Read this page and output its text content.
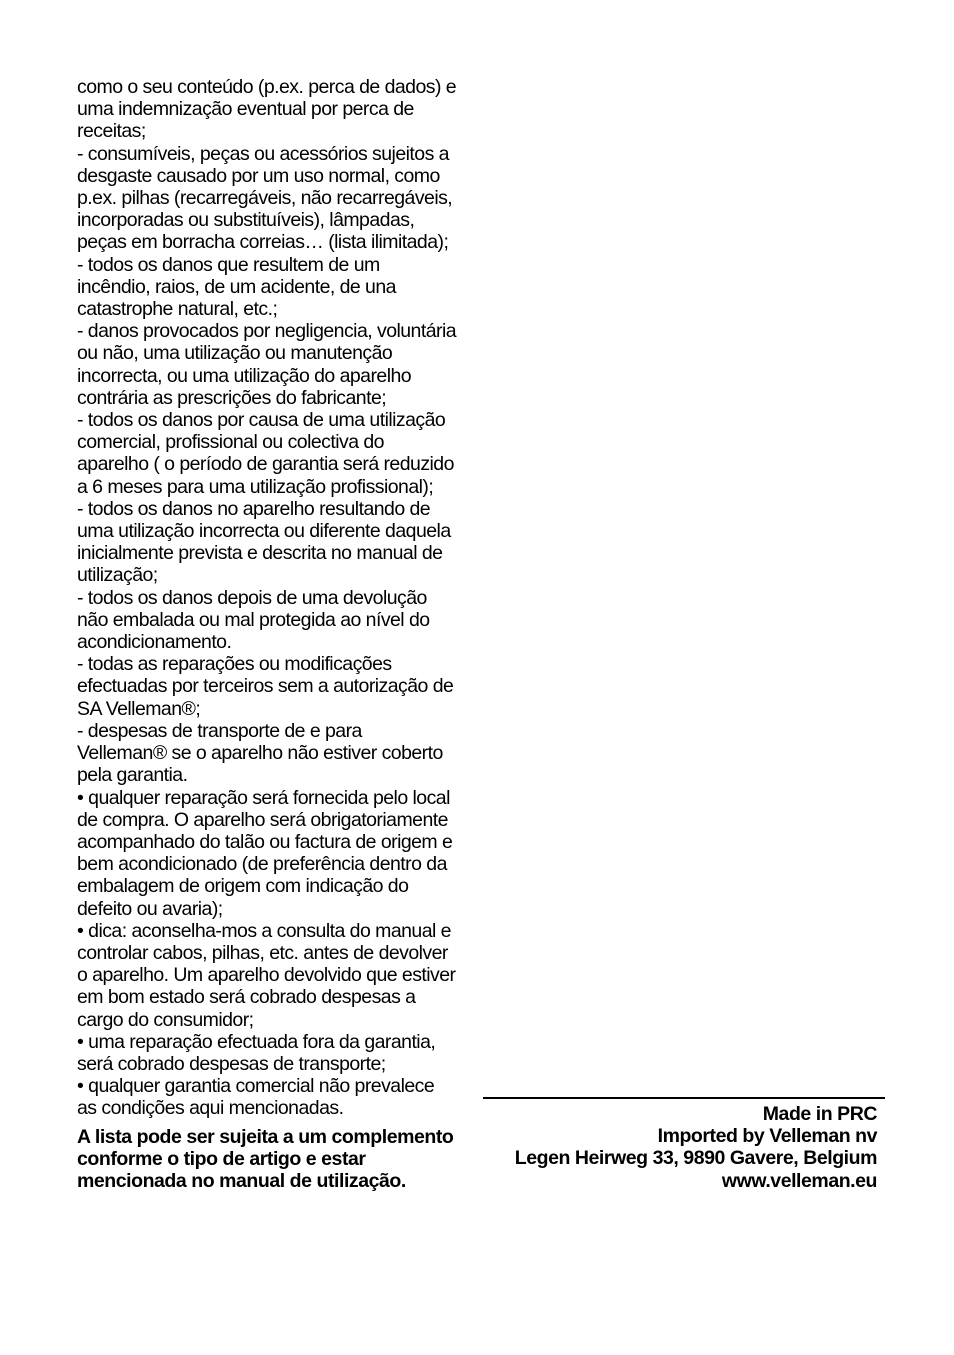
como o seu conteúdo (p.ex. perca de dados) e
uma indemnização eventual por perca de
receitas;
- consumíveis, peças ou acessórios sujeitos a
desgaste causado por um uso normal, como
p.ex. pilhas (recarregáveis, não recarregáveis,
incorporadas ou substituíveis), lâmpadas,
peças em borracha correias… (lista ilimitada);
- todos os danos que resultem de um
incêndio, raios, de um acidente, de una
catastrophe natural, etc.;
- danos provocados por negligencia, voluntária
ou não, uma utilização ou manutenção
incorrecta, ou uma utilização do aparelho
contrária as prescrições do fabricante;
- todos os danos por causa de uma utilização
comercial, profissional ou colectiva do
aparelho ( o período de garantia será reduzido
a 6 meses para uma utilização profissional);
- todos os danos no aparelho resultando de
uma utilização incorrecta ou diferente daquela
inicialmente prevista e descrita no manual de
utilização;
- todos os danos depois de uma devolução
não embalada ou mal protegida ao nível do
acondicionamento.
- todas as reparações ou modificações
efectuadas por terceiros sem a autorização de
SA Velleman®;
- despesas de transporte de e para
Velleman® se o aparelho não estiver coberto
pela garantia.
• qualquer reparação será fornecida pelo local
de compra. O aparelho será obrigatoriamente
acompanhado do talão ou factura de origem e
bem acondicionado (de preferência dentro da
embalagem de origem com indicação do
defeito ou avaria);
• dica: aconselha-mos a consulta do manual e
controlar cabos, pilhas, etc. antes de devolver
o aparelho. Um aparelho devolvido que estiver
em bom estado será cobrado despesas a
cargo do consumidor;
• uma reparação efectuada fora da garantia,
será cobrado despesas de transporte;
• qualquer garantia comercial não prevalece
as condições aqui mencionadas.

A lista pode ser sujeita a um complemento
conforme o tipo de artigo e estar
mencionada no manual de utilização.
Made in PRC
Imported by Velleman nv
Legen Heirweg 33, 9890 Gavere, Belgium
www.velleman.eu
